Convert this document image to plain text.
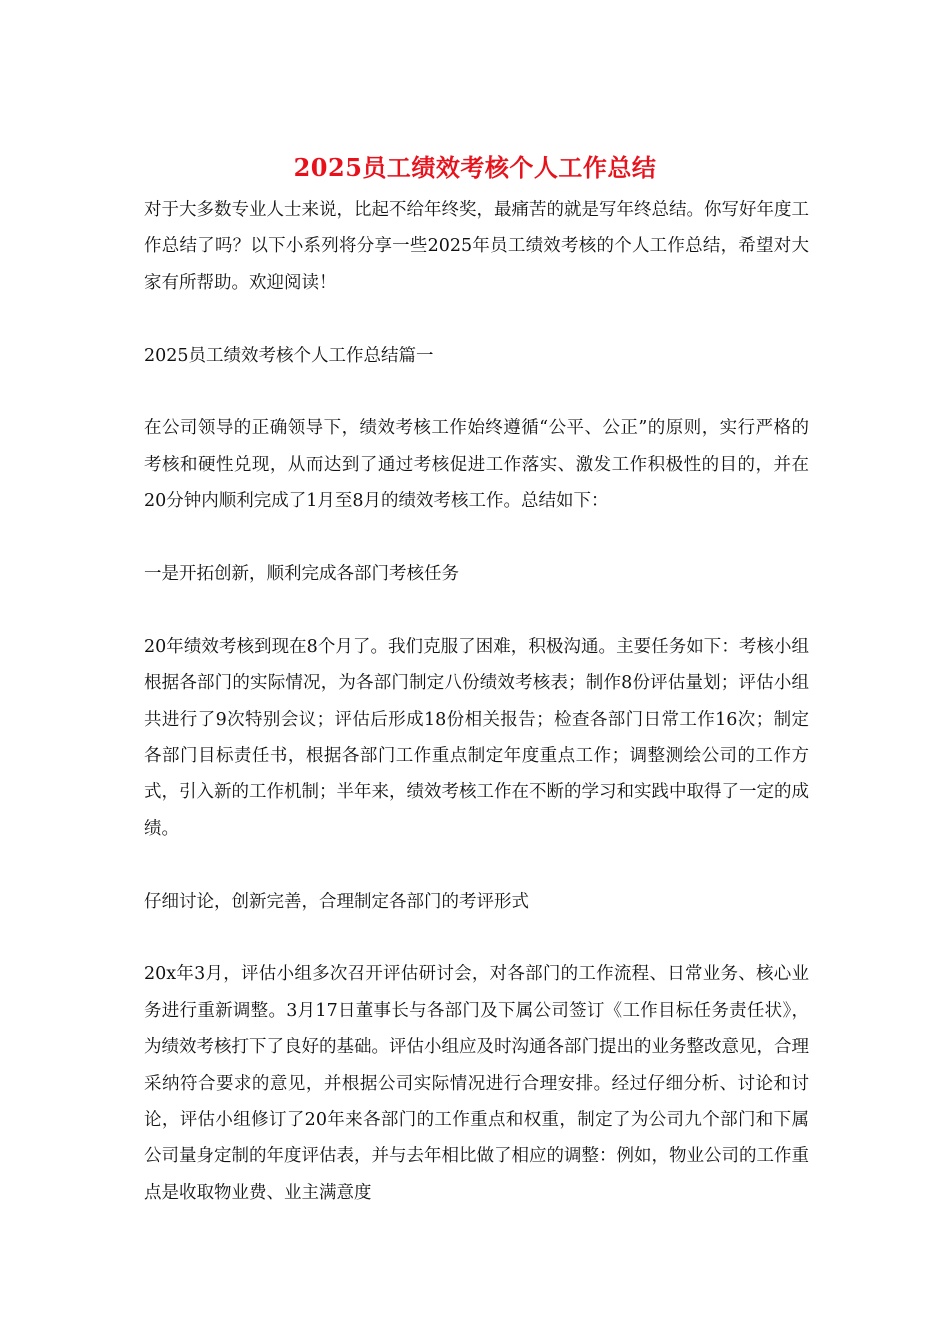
2025员工绩效考核个人工作总结

对于大多数专业人士来说，比起不给年终奖，最痛苦的就是写年终总结。你写好年度工作总结了吗？以下小系列将分享一些2025年员工绩效考核的个人工作总结，希望对大家有所帮助。欢迎阅读！

2025员工绩效考核个人工作总结篇一

在公司领导的正确领导下，绩效考核工作始终遵循“公平、公正”的原则，实行严格的考核和硬性兑现，从而达到了通过考核促进工作落实、激发工作积极性的目的，并在20分钟内顺利完成了1月至8月的绩效考核工作。总结如下：

一是开拓创新，顺利完成各部门考核任务

20年绩效考核到现在8个月了。我们克服了困难，积极沟通。主要任务如下：考核小组根据各部门的实际情况，为各部门制定八份绩效考核表；制作8份评估量划；评估小组共进行了9次特别会议；评估后形成18份相关报告；检查各部门日常工作16次；制定各部门目标责任书，根据各部门工作重点制定年度重点工作；调整测绘公司的工作方式，引入新的工作机制；半年来，绩效考核工作在不断的学习和实践中取得了一定的成绩。

仔细讨论，创新完善，合理制定各部门的考评形式

20x年3月，评估小组多次召开评估研讨会，对各部门的工作流程、日常业务、核心业务进行重新调整。3月17日董事长与各部门及下属公司签订《工作目标任务责任状》，为绩效考核打下了良好的基础。评估小组应及时沟通各部门提出的业务整改意见，合理采纳符合要求的意见，并根据公司实际情况进行合理安排。经过仔细分析、讨论和讨论，评估小组修订了20年来各部门的工作重点和权重，制定了为公司九个部门和下属公司量身定制的年度评估表，并与去年相比做了相应的调整：例如，物业公司的工作重点是收取物业费、业主满意度
